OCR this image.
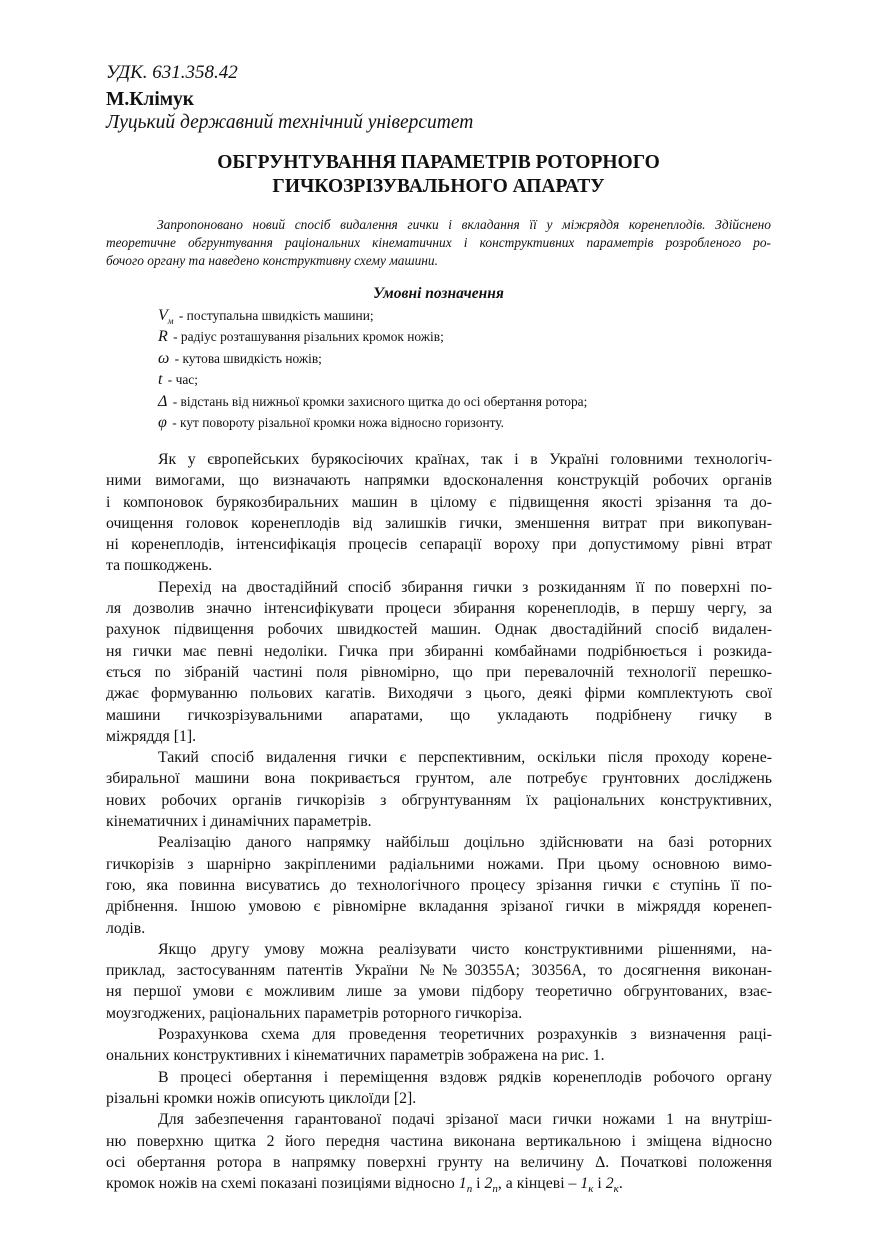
УДК. 631.358.42
М.Клімук
Луцький державний технічний університет
ОБГРУНТУВАННЯ ПАРАМЕТРІВ РОТОРНОГО
ГИЧКОЗРІЗУВАЛЬНОГО АПАРАТУ
Запропоновано новий спосіб видалення гички і вкладання її у міжряддя коренеплодів. Здійснено
теоретичне обгрунтування раціональних кінематичних і конструктивних параметрів розробленого ро-
бочого органу та наведено конструктивну схему машини.
Умовні позначення
$V_м$ - поступальна швидкість машини;
R - радіус розташування різальних кромок ножів;
ω - кутова швидкість ножів;
t - час;
Δ - відстань від нижньої кромки захисного щитка до осі обертання ротора;
φ - кут повороту різальної кромки ножа відносно горизонту.
Як у європейських бурякосіючих країнах, так і в Україні головними технологіч-
ними вимогами, що визначають напрямки вдосконалення конструкцій робочих органів
і компоновок бурякозбиральних машин в цілому є підвищення якості зрізання та до-
очищення головок коренеплодів від залишків гички, зменшення витрат при викопуван-
ні коренеплодів, інтенсифікація процесів сепарації вороху при допустимому рівні втрат
та пошкоджень.
Перехід на двостадійний спосіб збирання гички з розкиданням її по поверхні по-
ля дозволив значно інтенсифікувати процеси збирання коренеплодів, в першу чергу, за
рахунок підвищення робочих швидкостей машин. Однак двостадійний спосіб видален-
ня гички має певні недоліки. Гичка при збиранні комбайнами подрібнюється і розкида-
ється по зібраній частині поля рівномірно, що при перевалочній технології перешко-
джає формуванню польових кагатів. Виходячи з цього, деякі фірми комплектують свої
машини гичкозрізувальними апаратами, що укладають подрібнену гичку в
міжряддя [1].
Такий спосіб видалення гички є перспективним, оскільки після проходу корене-
збиральної машини вона покривається грунтом, але потребує грунтовних досліджень
нових робочих органів гичкорізів з обгрунтуванням їх раціональних конструктивних,
кінематичних і динамічних параметрів.
Реалізацію даного напрямку найбільш доцільно здійснювати на базі роторних
гичкорізів з шарнірно закріпленими радіальними ножами. При цьому основною вимо-
гою, яка повинна висуватись до технологічного процесу зрізання гички є ступінь її по-
дрібнення. Іншою умовою є рівномірне вкладання зрізаної гички в міжряддя коренеп-
лодів.
Якщо другу умову можна реалізувати чисто конструктивними рішеннями, на-
приклад, застосуванням патентів України №№30355А; 30356А, то досягнення виконан-
ня першої умови є можливим лише за умови підбору теоретично обгрунтованих, взає-
моузгоджених, раціональних параметрів роторного гичкоріза.
Розрахункова схема для проведення теоретичних розрахунків з визначення раці-
ональних конструктивних і кінематичних параметрів зображена на рис. 1.
В процесі обертання і переміщення вздовж рядків коренеплодів робочого органу
різальні кромки ножів описують циклоїди [2].
Для забезпечення гарантованої подачі зрізаної маси гички ножами 1 на внутріш-
ню поверхню щитка 2 його передня частина виконана вертикальною і зміщена відносно
осі обертання ротора в напрямку поверхні грунту на величину Δ. Початкові положення
кромок ножів на схемі показані позиціями відносно $1_п$ і $2_п$, а кінцеві – $1_к$ і $2_к$.
